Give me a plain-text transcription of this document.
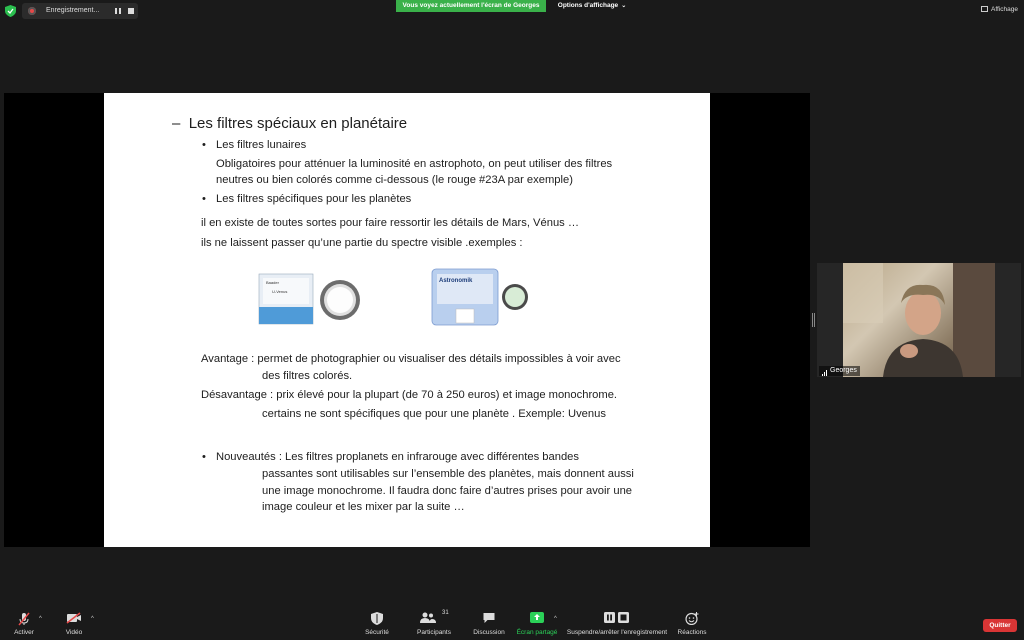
Enregistrement...
Vous voyez actuellement l'écran de Georges	Options d'affichage ⌄	Affichage

–  Les filtres spéciaux en planétaire

• Les filtres lunaires

Obligatoires pour atténuer la luminosité en astrophoto, on peut utiliser des filtres

neutres ou bien colorés comme ci-dessous (le rouge #23A par exemple)

• Les filtres spécifiques pour les planètes

il en existe de toutes sortes pour faire ressortir les détails de Mars, Vénus …

ils ne laissent passer qu’une partie du spectre visible .exemples :

Baader
U-Venus
Astronomik

Avantage : permet de photographier ou visualiser des détails impossibles à voir avec

des filtres colorés.

Désavantage : prix élevé pour la plupart (de 70 à 250 euros) et image monochrome.

certains ne sont spécifiques que pour une planète . Exemple: Uvenus

• Nouveautés : Les filtres proplanets en infrarouge avec différentes bandes

passantes sont utilisables sur l’ensemble des planètes, mais donnent aussi

une image monochrome. Il faudra donc faire d’autres prises pour avoir une

image couleur et les mixer par la suite …

Georges
Activer
^
Vidéo
^
Sécurité
31
Participants	Discussion	Écran partagé
^
Suspendre/arrêter l'enregistrement	Réactions
Quitter
